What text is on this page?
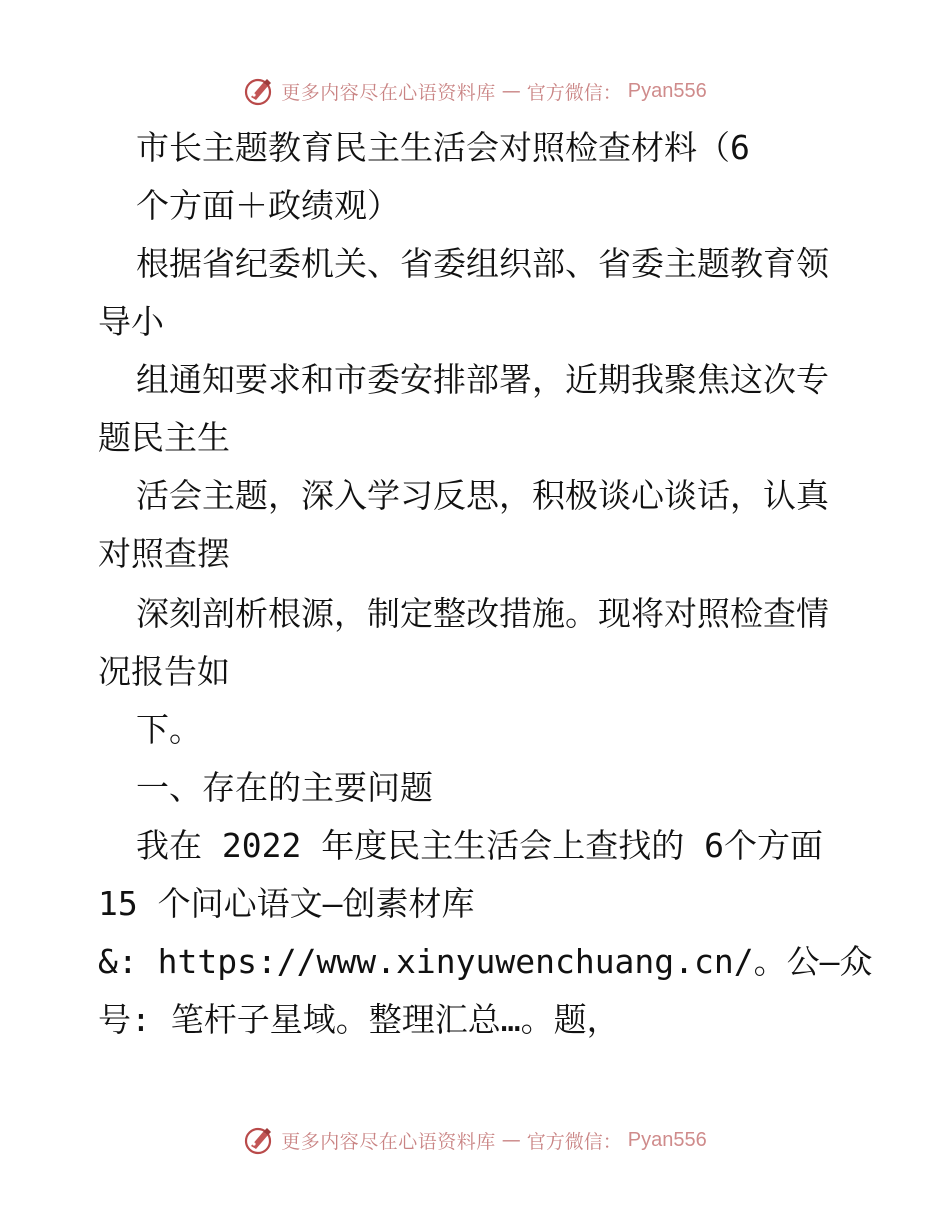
更多内容尽在心语资料库 — 官方微信： Pyan556
市长主题教育民主生活会对照检查材料（6
个方面＋政绩观）
根据省纪委机关、省委组织部、省委主题教育领
导小
组通知要求和市委安排部署，近期我聚焦这次专
题民主生
活会主题，深入学习反思，积极谈心谈话，认真
对照查摆
深刻剖析根源，制定整改措施。现将对照检查情
况报告如
下。
一、存在的主要问题
我在 2022 年度民主生活会上查找的 6个方面
15 个问心语文—创素材库
&: https://www.xinyuwenchuang.cn/。公—众
号: 笔杆子星域。整理汇总…。题，
更多内容尽在心语资料库 — 官方微信： Pyan556
